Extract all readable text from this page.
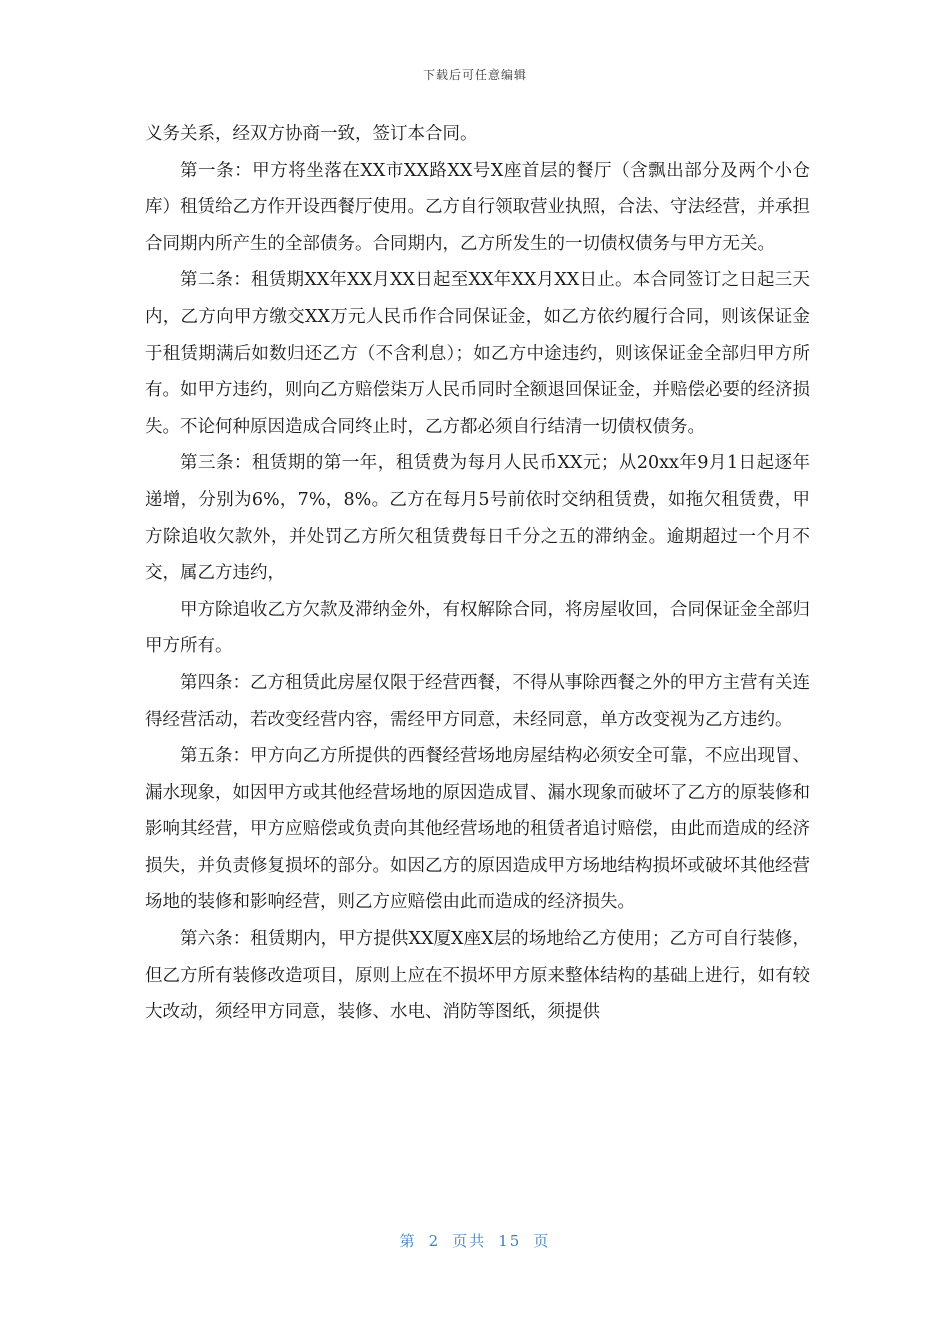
下载后可任意编辑

义务关系，经双方协商一致，签订本合同。

第一条：甲方将坐落在XX市XX路XX号X座首层的餐厅（含飘出部分及两个小仓库）租赁给乙方作开设西餐厅使用。乙方自行领取营业执照，合法、守法经营，并承担合同期内所产生的全部债务。合同期内，乙方所发生的一切债权债务与甲方无关。

第二条：租赁期XX年XX月XX日起至XX年XX月XX日止。本合同签订之日起三天内，乙方向甲方缴交XX万元人民币作合同保证金，如乙方依约履行合同，则该保证金于租赁期满后如数归还乙方（不含利息）；如乙方中途违约，则该保证金全部归甲方所有。如甲方违约，则向乙方赔偿柒万人民币同时全额退回保证金，并赔偿必要的经济损失。不论何种原因造成合同终止时，乙方都必须自行结清一切债权债务。

第三条：租赁期的第一年，租赁费为每月人民币XX元；从20xx年9月1日起逐年递增，分别为6%，7%，8%。乙方在每月5号前依时交纳租赁费，如拖欠租赁费，甲方除追收欠款外，并处罚乙方所欠租赁费每日千分之五的滞纳金。逾期超过一个月不交，属乙方违约，

甲方除追收乙方欠款及滞纳金外，有权解除合同，将房屋收回，合同保证金全部归甲方所有。

第四条：乙方租赁此房屋仅限于经营西餐，不得从事除西餐之外的甲方主营有关连得经营活动，若改变经营内容，需经甲方同意，未经同意，单方改变视为乙方违约。

第五条：甲方向乙方所提供的西餐经营场地房屋结构必须安全可靠，不应出现冒、漏水现象，如因甲方或其他经营场地的原因造成冒、漏水现象而破坏了乙方的原装修和影响其经营，甲方应赔偿或负责向其他经营场地的租赁者追讨赔偿，由此而造成的经济损失，并负责修复损坏的部分。如因乙方的原因造成甲方场地结构损坏或破坏其他经营场地的装修和影响经营，则乙方应赔偿由此而造成的经济损失。

第六条：租赁期内，甲方提供XX厦X座X层的场地给乙方使用；乙方可自行装修，但乙方所有装修改造项目，原则上应在不损坏甲方原来整体结构的基础上进行，如有较大改动，须经甲方同意，装修、水电、消防等图纸，须提供

第 2 页共 15 页
